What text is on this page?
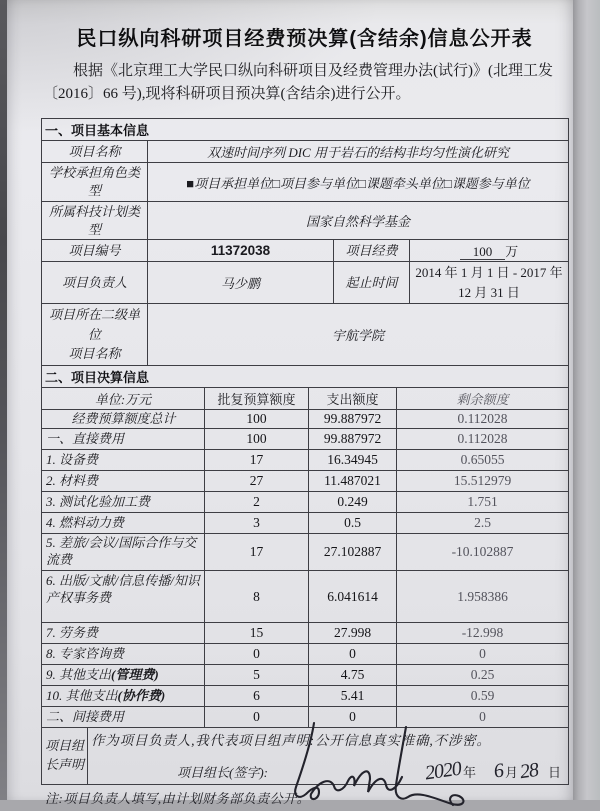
民口纵向科研项目经费预决算(含结余)信息公开表

根据《北京理工大学民口纵向科研项目及经费管理办法(试行)》(北理工发〔2016〕66 号),现将科研项目预决算(含结余)进行公开。

一、项目基本信息			
项目名称	双速时间序列 DIC 用于岩石的结构非均匀性演化研究		
学校承担角色类型	■项目承担单位□项目参与单位□课题牵头单位□课题参与单位		
所属科技计划类型	国家自然科学基金		
项目编号	11372038	项目经费	100 万
项目负责人	马少鹏	起止时间	2014 年 1 月 1 日 - 2017 年
12 月 31 日

项目所在二级单位
项目名称	宇航学院		
二、项目决算信息			
单位:万元	批复预算额度	支出额度	剩余额度
经费预算额度总计	100	99.887972	0.112028
一、直接费用	100	99.887972	0.112028
1. 设备费	17	16.34945	0.65055
2. 材料费	27	11.487021	15.512979
3. 测试化验加工费	2	0.249	1.751
4. 燃料动力费	3	0.5	2.5
5. 差旅/会议/国际合作与交流费	17	27.102887	-10.102887
6. 出版/文献/信息传播/知识产权事务费	8	6.041614	1.958386
7. 劳务费	15	27.998	-12.998
8. 专家咨询费	0	0	0
9. 其他支出(管理费)	5	4.75	0.25
10. 其他支出(协作费)	6	5.41	0.59
二、间接费用	0	0	0
项目组长声明	
作为项目负责人,我代表项目组声明:公开信息真实准确,不涉密。
项目组长(签字):	2020 年 6 月 28 日

注:项目负责人填写,由计划财务部负责公开。
